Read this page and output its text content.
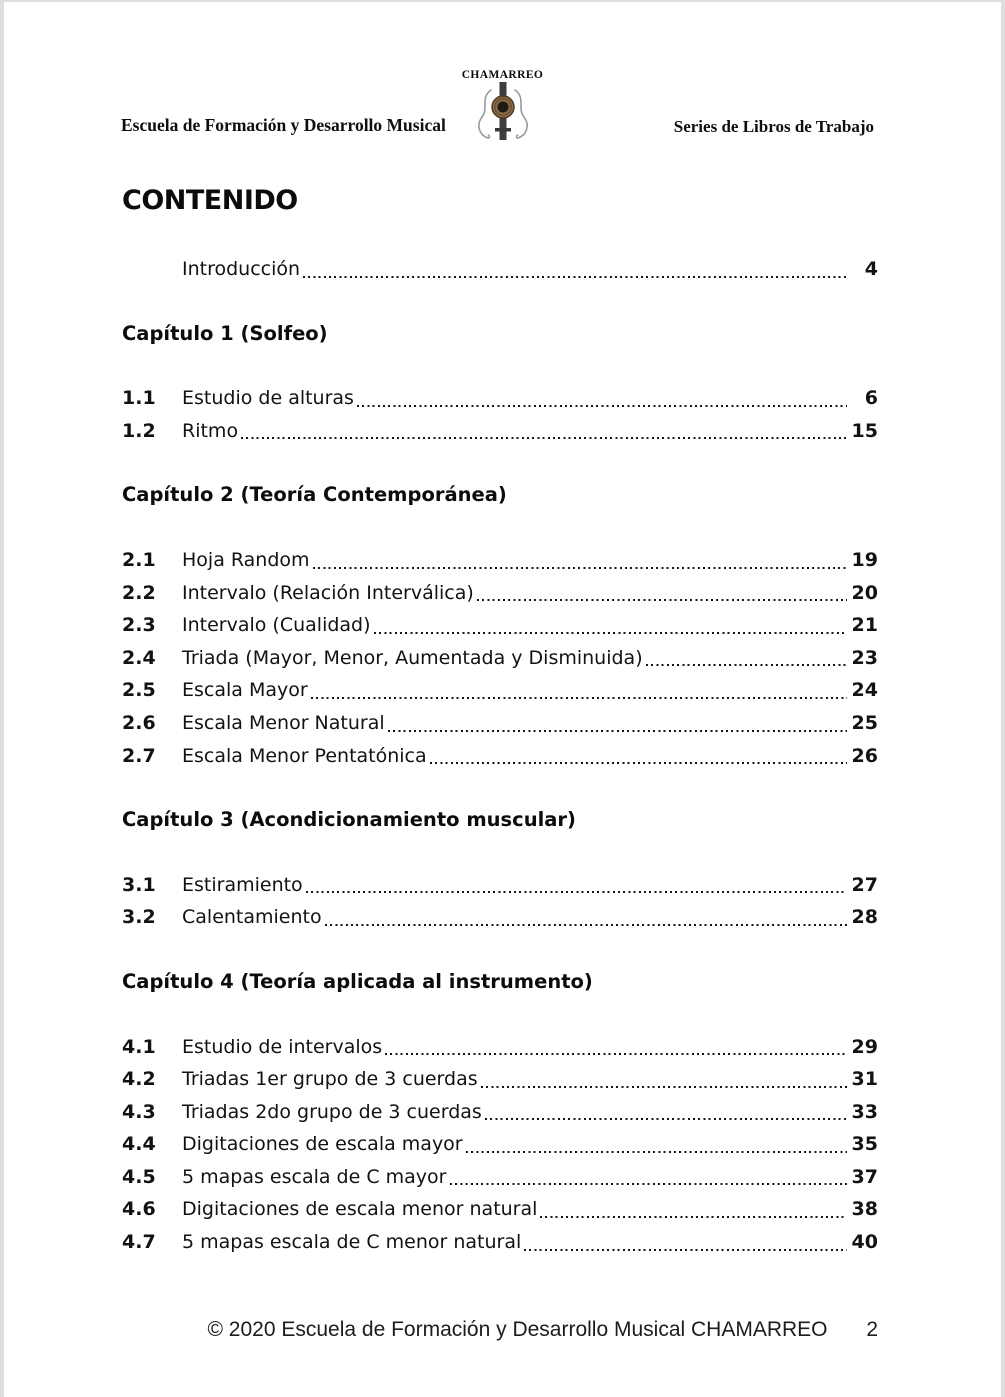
Escuela de Formación y Desarrollo Musical
CHAMARREO
Series de Libros de Trabajo
CONTENIDO
Introducción	4
Capítulo 1 (Solfeo)
1.1	Estudio de alturas	6
1.2	Ritmo	15
Capítulo 2 (Teoría Contemporánea)
2.1	Hoja Random	19
2.2	Intervalo (Relación Interválica)	20
2.3	Intervalo (Cualidad)	21
2.4	Triada (Mayor, Menor, Aumentada y Disminuida)	23
2.5	Escala Mayor	24
2.6	Escala Menor Natural	25
2.7	Escala Menor Pentatónica	26
Capítulo 3 (Acondicionamiento muscular)
3.1	Estiramiento	27
3.2	Calentamiento	28
Capítulo 4 (Teoría aplicada al instrumento)
4.1	Estudio de intervalos	29
4.2	Triadas 1er grupo de 3 cuerdas	31
4.3	Triadas 2do grupo de 3 cuerdas	33
4.4	Digitaciones de escala mayor	35
4.5	5 mapas escala de C mayor	37
4.6	Digitaciones de escala menor natural	38
4.7	5 mapas escala de C menor natural	40
© 2020 Escuela de Formación y Desarrollo Musical CHAMARREO	2
